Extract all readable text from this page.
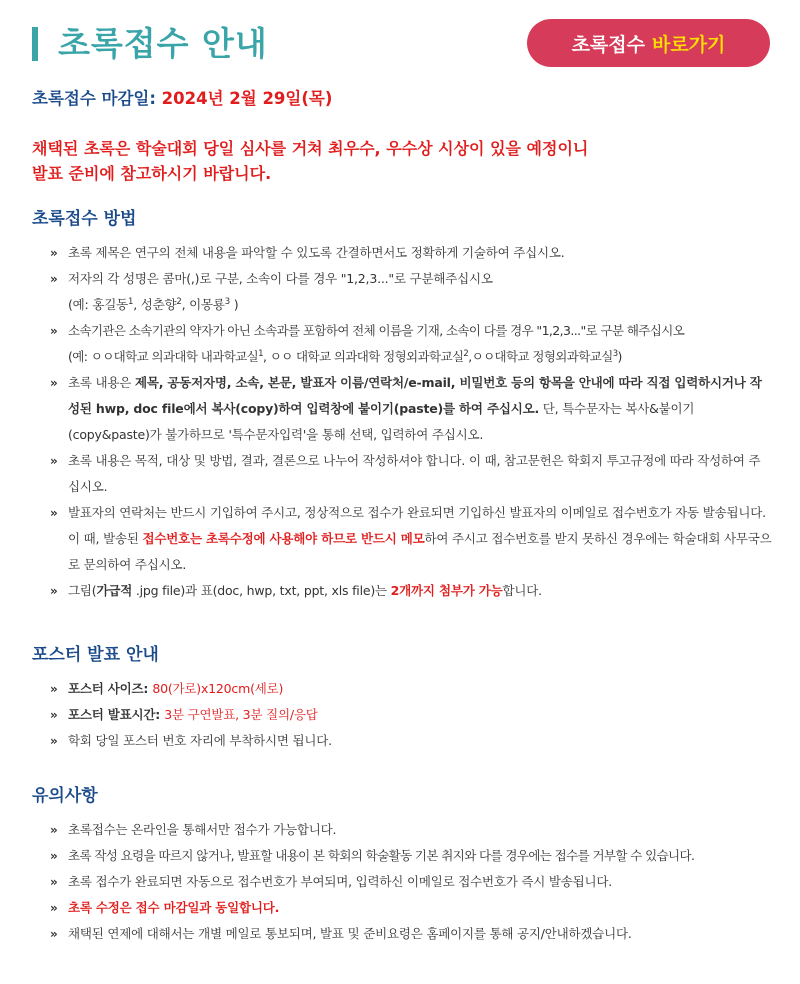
초록접수 안내	초록접수 바로가기
초록접수 마감일: 2024년 2월 29일(목)
채택된 초록은 학술대회 당일 심사를 거쳐 최우수, 우수상 시상이 있을 예정이니
발표 준비에 참고하시기 바랍니다.
초록접수 방법
» 초록 제목은 연구의 전체 내용을 파악할 수 있도록 간결하면서도 정확하게 기술하여 주십시오.
» 저자의 각 성명은 콤마(,)로 구분, 소속이 다를 경우 "1,2,3..."로 구분해주십시오
(예: 홍길동$^1$, 성춘향$^2$, 이몽룡$^3$ )
» 소속기관은 소속기관의 약자가 아닌 소속과를 포함하여 전체 이름을 기재, 소속이 다를 경우 "1,2,3..."로 구분 해주십시오
(예: ㅇㅇ대학교 의과대학 내과학교실$^1$, ㅇㅇ 대학교 의과대학 정형외과학교실$^2$,ㅇㅇ대학교 정형외과학교실$^3$)
» 초록 내용은 제목, 공동저자명, 소속, 본문, 발표자 이름/연락처/e-mail, 비밀번호 등의 항목을 안내에 따라 직접 입력하시거나 작성된 hwp, doc file에서 복사(copy)하여 입력창에 붙이기(paste)를 하여 주십시오. 단, 특수문자는 복사&붙이기(copy&paste)가 불가하므로 '특수문자입력'을 통해 선택, 입력하여 주십시오.
» 초록 내용은 목적, 대상 및 방법, 결과, 결론으로 나누어 작성하셔야 합니다. 이 때, 참고문헌은 학회지 투고규정에 따라 작성하여 주십시오.
» 발표자의 연락처는 반드시 기입하여 주시고, 정상적으로 접수가 완료되면 기입하신 발표자의 이메일로 접수번호가 자동 발송됩니다. 이 때, 발송된 접수번호는 초록수정에 사용해야 하므로 반드시 메모하여 주시고 접수번호를 받지 못하신 경우에는 학술대회 사무국으로 문의하여 주십시오.
» 그림(가급적 .jpg file)과 표(doc, hwp, txt, ppt, xls file)는 2개까지 첨부가 가능합니다.
포스터 발표 안내
» 포스터 사이즈: 80(가로)x120cm(세로)
» 포스터 발표시간: 3분 구연발표, 3분 질의/응답
» 학회 당일 포스터 번호 자리에 부착하시면 됩니다.
유의사항
» 초록접수는 온라인을 통해서만 접수가 가능합니다.
» 초록 작성 요령을 따르지 않거나, 발표할 내용이 본 학회의 학술활동 기본 취지와 다를 경우에는 접수를 거부할 수 있습니다.
» 초록 접수가 완료되면 자동으로 접수번호가 부여되며, 입력하신 이메일로 접수번호가 즉시 발송됩니다.
» 초록 수정은 접수 마감일과 동일합니다.
» 채택된 연제에 대해서는 개별 메일로 통보되며, 발표 및 준비요령은 홈페이지를 통해 공지/안내하겠습니다.
